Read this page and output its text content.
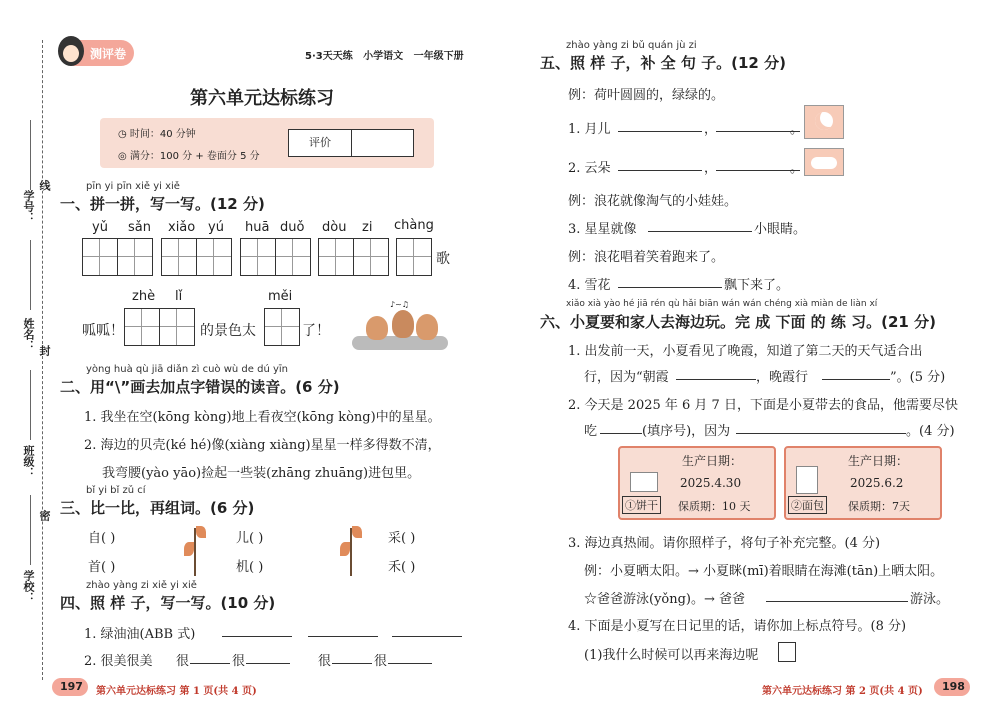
学号：
姓名：
班级：
学校：
线
封
密
测评卷	5·3天天练 小学语文 一年级下册
第六单元达标练习
◷ 时间：40 分钟
◎ 满分：100 分 + 卷面分 5 分
评价
pīn yi pīn xiě yi xiě
一、拼一拼，写一写。(12 分)
yǔ sǎn xiǎo yú huā duǒ dòu zi chàng
歌
zhè lǐ	měi
呱呱！	的景色太	了！
♪~♫
yòng huà qù jiā diǎn zì cuò wù de dú yīn
二、用“\”画去加点字错误的读音。(6 分)
1. 我坐在空(kōng kòng)地上看夜空(kōng kòng)中的星星。
2. 海边的贝壳(ké hé)像(xiàng xiàng)星星一样多得数不清，
我弯腰(yào yāo)捡起一些装(zhāng zhuāng)进包里。
bǐ yi bǐ zǔ cí
三、比一比，再组词。(6 分)
自( )
首( )
儿( )
机( )
采( )
禾( )
zhào yàng zi xiě yi xiě
四、照 样 子，写一写。(10 分)
1. 绿油油(ABB 式)
2. 很美很美 很	很	很	很
197 第六单元达标练习 第 1 页(共 4 页)
zhào yàng zi bǔ quán jù zi
五、照 样 子，补 全 句 子。(12 分)
例：荷叶圆圆的，绿绿的。
1. 月儿	，	。
2. 云朵	，	。
例：浪花就像淘气的小娃娃。
3. 星星就像	小眼睛。
例：浪花唱着笑着跑来了。
4. 雪花	飘下来了。
xiǎo xià yào hé jiā rén qù hǎi biān wán wán chéng xià miàn de liàn xí
六、小夏要和家人去海边玩。完 成 下面 的 练 习。(21 分)
1. 出发前一天，小夏看见了晚霞，知道了第二天的天气适合出
行，因为“朝霞	，晚霞行	”。(5 分)
2. 今天是 2025 年 6 月 7 日，下面是小夏带去的食品，他需要尽快
吃	(填序号)，因为	。(4 分)
生产日期：
2025.4.30
①饼干 保质期：10 天
生产日期：
2025.6.2
②面包 保质期：7天
3. 海边真热闹。请你照样子，将句子补充完整。(4 分)
例：小夏晒太阳。→ 小夏眯(mī)着眼睛在海滩(tān)上晒太阳。
☆爸爸游泳(yǒng)。→ 爸爸	游泳。
4. 下面是小夏写在日记里的话，请你加上标点符号。(8 分)
(1)我什么时候可以再来海边呢
第六单元达标练习 第 2 页(共 4 页) 198
